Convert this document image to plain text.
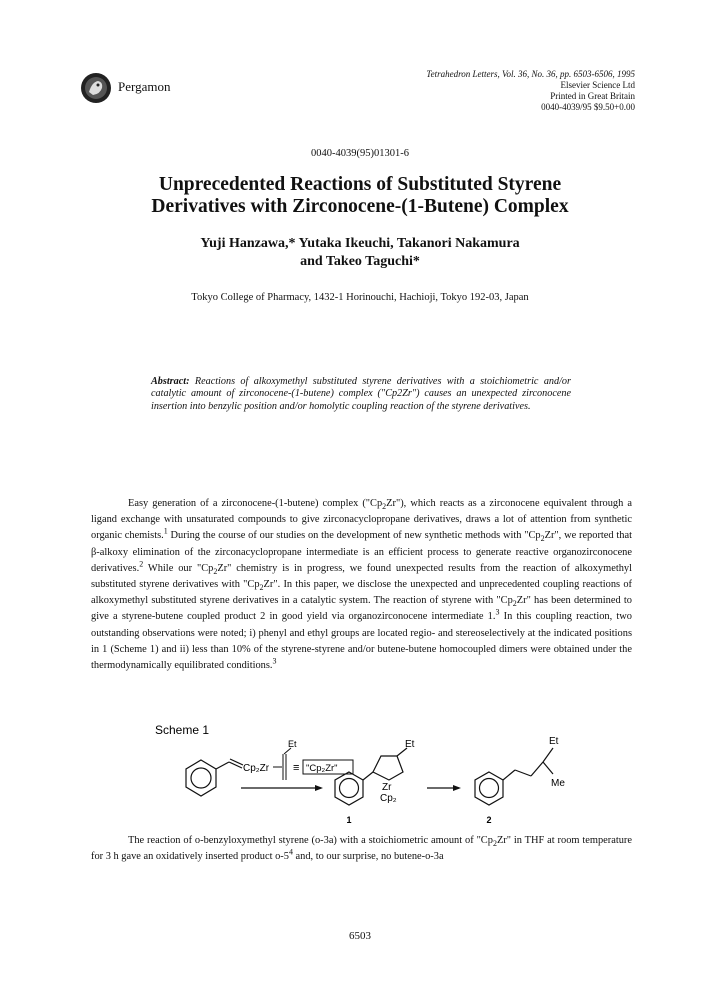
Pergamon
Tetrahedron Letters, Vol. 36, No. 36, pp. 6503-6506, 1995
Elsevier Science Ltd
Printed in Great Britain
0040-4039/95 $9.50+0.00
0040-4039(95)01301-6
Unprecedented Reactions of Substituted Styrene
Derivatives with Zirconocene-(1-Butene) Complex
Yuji Hanzawa,* Yutaka Ikeuchi, Takanori Nakamura
and Takeo Taguchi*
Tokyo College of Pharmacy, 1432-1 Horinouchi, Hachioji, Tokyo 192-03, Japan
Abstract: Reactions of alkoxymethyl substituted styrene derivatives with a stoichiometric and/or catalytic amount of zirconocene-(1-butene) complex ("Cp2Zr") causes an unexpected zirconocene insertion into benzylic position and/or homolytic coupling reaction of the styrene derivatives.

Easy generation of a zirconocene-(1-butene) complex $("Cp_2Zr")$, which reacts as a zirconocene equivalent through a ligand exchange with unsaturated compounds to give zirconacyclopropane derivatives, draws a lot of attention from synthetic organic chemists.$^1$ During the course of our studies on the development of new synthetic methods with "$Cp_2Zr$", we reported that β-alkoxy elimination of the zirconacyclopropane intermediate is an efficient process to generate reactive organozirconocene derivatives.$^2$ While our "$Cp_2Zr$" chemistry is in progress, we found unexpected results from the reaction of alkoxymethyl substituted styrene derivatives with "$Cp_2Zr$". In this paper, we disclose the unexpected and unprecedented coupling reactions of alkoxymethyl substituted styrene derivatives in a catalytic system. The reaction of styrene with "$Cp_2Zr$" has been determined to give a styrene-butene coupled product 2 in good yield via organozirconocene intermediate 1.$^3$ In this coupling reaction, two outstanding observations were noted; i) phenyl and ethyl groups are located regio- and stereoselectively at the indicated positions in 1 (Scheme 1) and ii) less than 10% of the styrene-styrene and/or butene-butene homocoupled dimers were obtained under the thermodynamically equilibrated conditions.$^3$

Scheme 1
Cp₂Zr
Et
≡ "Cp₂Zr"
Et
Zr
Cp₂
Et
Me
1	2

The reaction of o-benzyloxymethyl styrene (o-3a) with a stoichiometric amount of "$Cp_2Zr$" in THF at room temperature for 3 h gave an oxidatively inserted product $o-5^4$ and, to our surprise, no butene-o-3a

6503
